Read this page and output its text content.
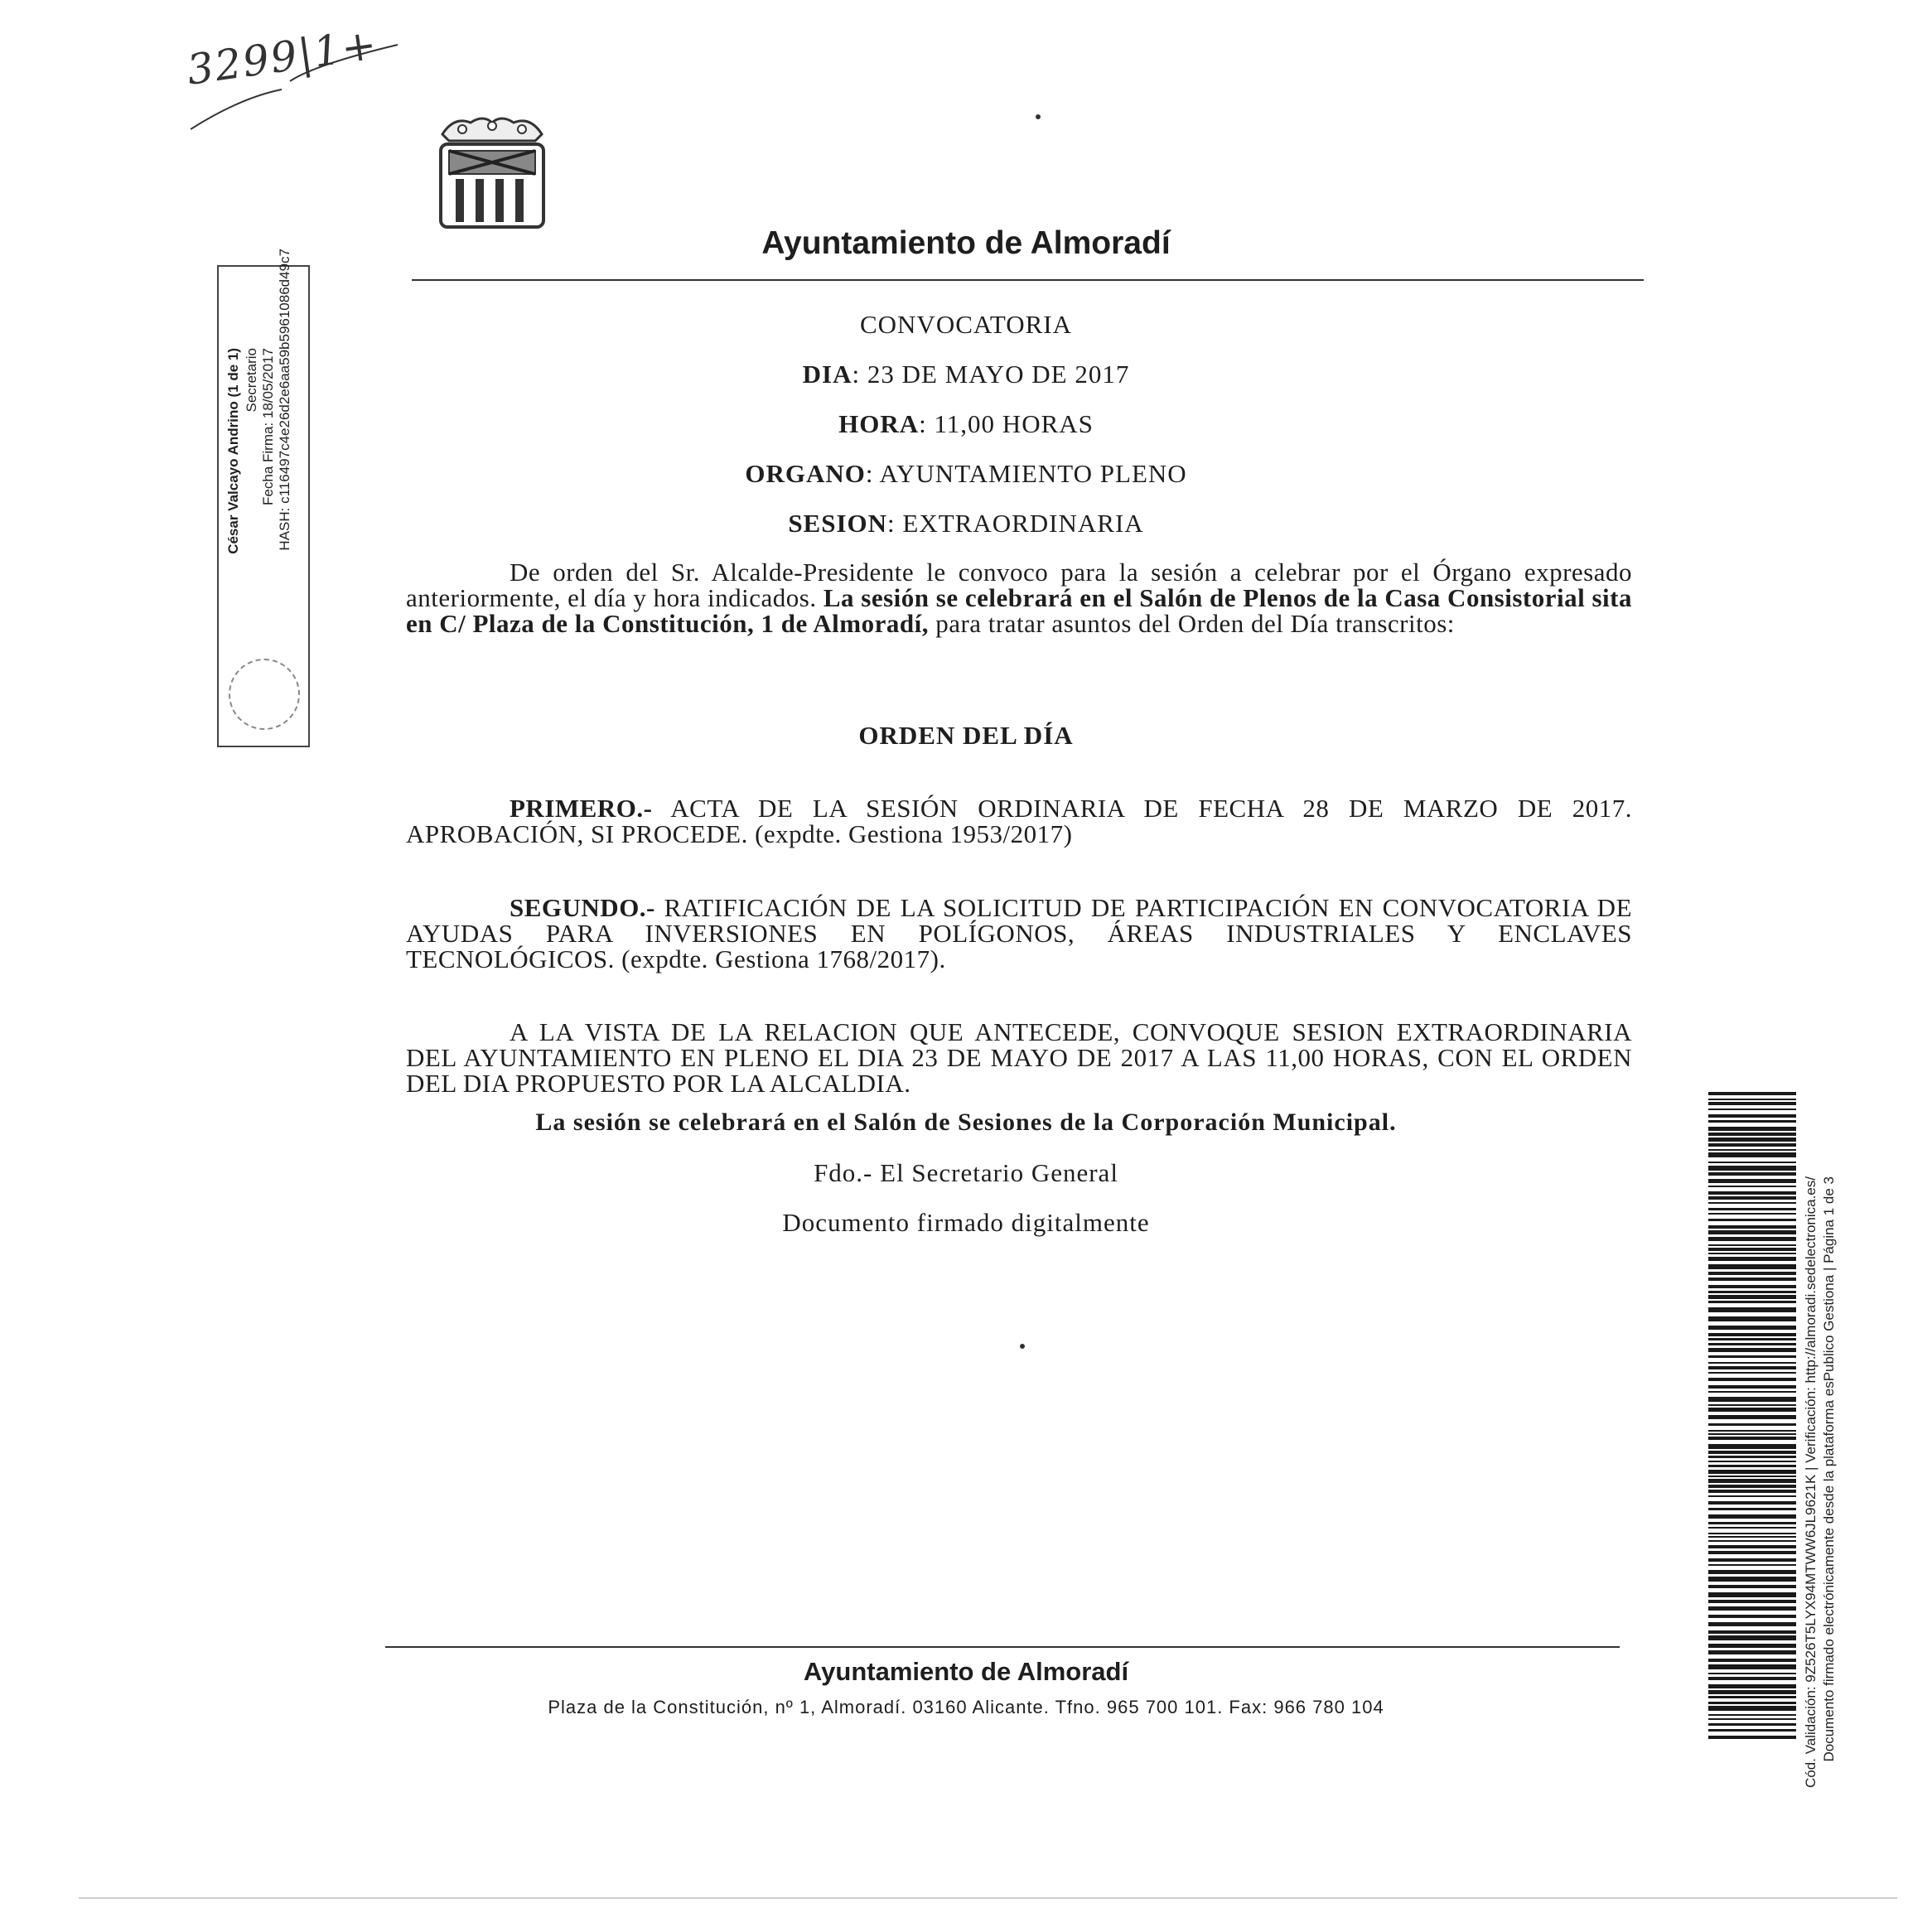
3299|1+
Ayuntamiento de Almoradí
César Valcayo Andrino (1 de 1) Secretario Fecha Firma: 18/05/2017 HASH: c116497c4e26d2e6aa59b5961086d49c7	CONVOCATORIA
DIA: 23 DE MAYO DE 2017
HORA: 11,00 HORAS
ORGANO: AYUNTAMIENTO PLENO
SESION: EXTRAORDINARIA
De orden del Sr. Alcalde-Presidente le convoco para la sesión a celebrar por el Órgano expresado anteriormente, el día y hora indicados. La sesión se celebrará en el Salón de Plenos de la Casa Consistorial sita en C/ Plaza de la Constitución, 1 de Almoradí, para tratar asuntos del Orden del Día transcritos:
ORDEN DEL DÍA
PRIMERO.- ACTA DE LA SESIÓN ORDINARIA DE FECHA 28 DE MARZO DE 2017. APROBACIÓN, SI PROCEDE. (expdte. Gestiona 1953/2017)
SEGUNDO.- RATIFICACIÓN DE LA SOLICITUD DE PARTICIPACIÓN EN CONVOCATORIA DE AYUDAS PARA INVERSIONES EN POLÍGONOS, ÁREAS INDUSTRIALES Y ENCLAVES TECNOLÓGICOS. (expdte. Gestiona 1768/2017).
A LA VISTA DE LA RELACION QUE ANTECEDE, CONVOQUE SESION EXTRAORDINARIA DEL AYUNTAMIENTO EN PLENO EL DIA 23 DE MAYO DE 2017 A LAS 11,00 HORAS, CON EL ORDEN DEL DIA PROPUESTO POR LA ALCALDIA.
La sesión se celebrará en el Salón de Sesiones de la Corporación Municipal.
Fdo.- El Secretario General
Documento firmado digitalmente	Cód. Validación: 9Z526T5LYX94MTWW6JL9621K | Verificación: http://almoradi.sedelectronica.es/ Documento firmado electrónicamente desde la plataforma esPublico Gestiona | Página 1 de 3
Ayuntamiento de Almoradí
Plaza de la Constitución, nº 1, Almoradí. 03160 Alicante. Tfno. 965 700 101. Fax: 966 780 104
